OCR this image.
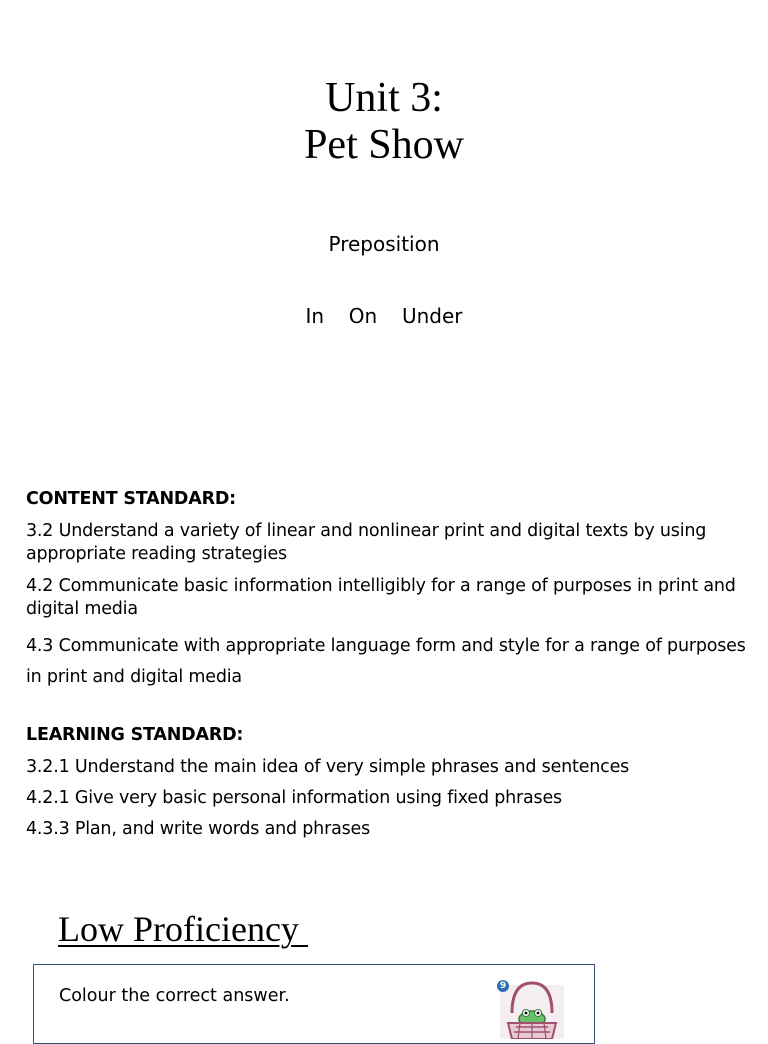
Unit 3:
Pet Show
Preposition
In  On  Under
CONTENT STANDARD:
3.2 Understand a variety of linear and nonlinear print and digital texts by using appropriate reading strategies
4.2 Communicate basic information intelligibly for a range of purposes in print and digital media
4.3 Communicate with appropriate language form and style for a range of purposes in print and digital media
LEARNING STANDARD:
3.2.1 Understand the main idea of very simple phrases and sentences
4.2.1 Give very basic personal information using fixed phrases
4.3.3 Plan, and write words and phrases
Low Proficiency
Colour the correct answer.	9
